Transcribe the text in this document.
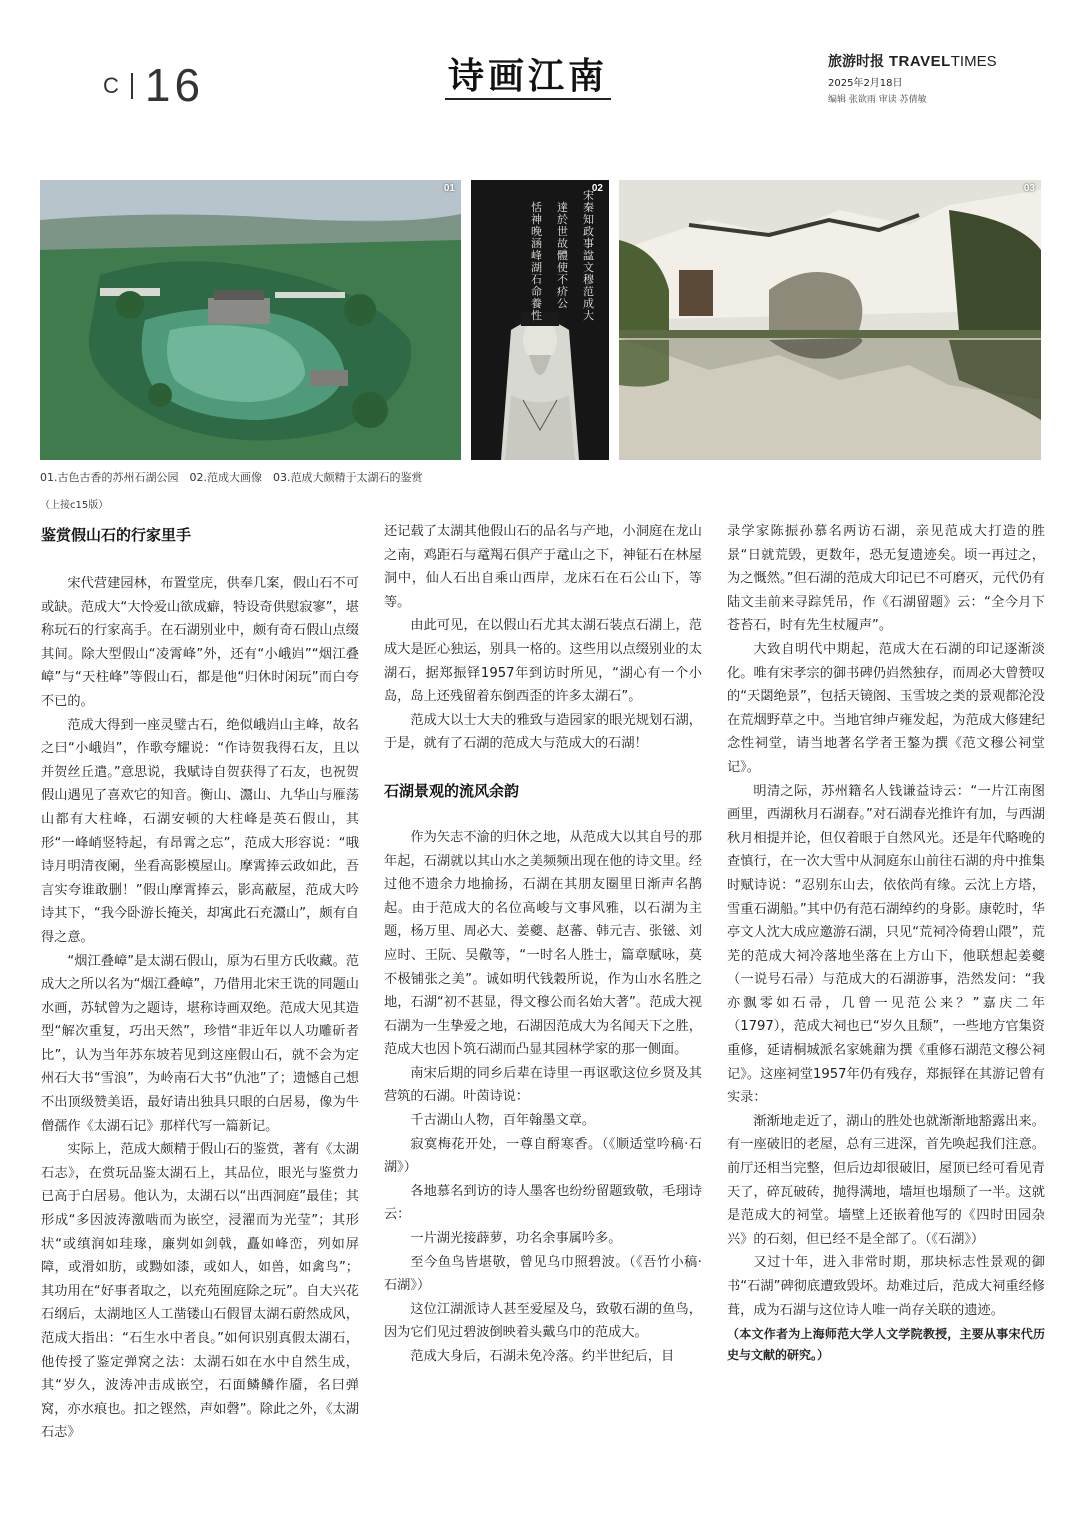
$^C$ 16	诗画江南	旅游时报 TRAVELTIMES
2025年2月18日
编辑 张欲雨 审读 苏倩敏
01
宋秦知政事諡文穆范成大
達於世故體使不疥公
恬神晚涵峰湖石命養性
02	03
01.古色古香的苏州石湖公园　02.范成大画像　03.范成大颇精于太湖石的鉴赏
（上接c15版）
鉴赏假山石的行家里手

宋代营建园林，布置堂庑，供奉几案，假山石不可或缺。范成大“大怜爱山欲成癖，特设奇供慰寂寥”，堪称玩石的行家高手。在石湖别业中，颇有奇石假山点缀其间。除大型假山“凌霄峰”外，还有“小峨岿”“烟江叠嶂”与“天柱峰”等假山石，都是他“归休时闲玩”而白夸不已的。

范成大得到一座灵璧古石，绝似峨岿山主峰，故名之曰“小峨岿”，作歌夸耀说：“作诗贺我得石友，且以并贺丝丘遣。”意思说，我赋诗自贺获得了石友，也祝贺假山遇见了喜欢它的知音。衡山、灊山、九华山与雁荡山都有大柱峰，石湖安顿的大柱峰是英石假山，其形“一峰峭竖特起，有昂霄之忘”，范成大形容说：“哦诗月明清夜阑，坐看高影模屋山。摩霄捧云政如此，吾言实夸谁敢删！”假山摩霄捧云，影高蔽屋，范成大吟诗其下，“我今卧游长掩关，却寓此石充灊山”，颇有自得之意。

“烟江叠嶂”是太湖石假山，原为石里方氏收藏。范成大之所以名为“烟江叠嶂”，乃借用北宋王诜的同题山水画，苏轼曾为之题诗，堪称诗画双绝。范成大见其造型“解次重复，巧出天然”，珍惜“非近年以人功雕斫者比”，认为当年苏东坡若见到这座假山石，就不会为定州石大书“雪浪”，为岭南石大书“仇池”了；遗憾自己想不出顶级赞美语，最好请出独具只眼的白居易，像为牛僧孺作《太湖石记》那样代写一篇新记。

实际上，范成大颇精于假山石的鉴赏，著有《太湖石志》，在赏玩品鉴太湖石上，其品位，眼光与鉴赏力已高于白居易。他认为，太湖石以“出西洞庭”最佳；其形成“多因波涛激啮而为嵌空，浸濯而为光莹”；其形状“或缜润如珪瑑，廉刿如剑戟，矗如峰峦，列如屏障，或滑如肪，或黝如漆，或如人，如兽，如禽鸟”；其功用在“好事者取之，以充苑囿庭除之玩”。自大兴花石纲后，太湖地区人工凿镂山石假冒太湖石蔚然成风，范成大指出：“石生水中者良。”如何识别真假太湖石，他传授了鉴定弹窝之法：太湖石如在水中自然生成，其“岁久，波涛冲击成嵌空，石面鳞鳞作靥，名曰弹窝，亦水痕也。扣之铿然，声如磬”。除此之外，《太湖石志》

还记载了太湖其他假山石的品名与产地，小洞庭在龙山之南，鸡距石与鼋羯石俱产于鼋山之下，神钲石在林屋洞中，仙人石出自乘山西岸，龙床石在石公山下，等等。

由此可见，在以假山石尤其太湖石装点石湖上，范成大是匠心独运，别具一格的。这些用以点缀别业的太湖石，据郑振铎1957年到访时所见，“湖心有一个小岛，岛上还残留着东倒西歪的许多太湖石”。

范成大以士大夫的雅致与造园家的眼光规划石湖，于是，就有了石湖的范成大与范成大的石湖！

石湖景观的流风余韵

作为矢志不渝的归休之地，从范成大以其自号的那年起，石湖就以其山水之美频频出现在他的诗文里。经过他不遗余力地揄扬，石湖在其朋友圈里日渐声名鹊起。由于范成大的名位高峻与文事风雅，以石湖为主题，杨万里、周必大、姜夔、赵蕃、韩元吉、张镃、刘应时、王阮、吴儆等，“一时名人胜士，篇章赋咏，莫不极铺张之美”。诚如明代钱穀所说，作为山水名胜之地，石湖“初不甚显，得文穆公而名始大著”。范成大视石湖为一生挚爱之地，石湖因范成大为名闻天下之胜，范成大也因卜筑石湖而凸显其园林学家的那一侧面。

南宋后期的同乡后辈在诗里一再讴歌这位乡贤及其营筑的石湖。叶茵诗说：

千古湖山人物，百年翰墨文章。

寂寞梅花开处，一尊自酹寒香。（《顺适堂吟稿·石湖》）

各地慕名到访的诗人墨客也纷纷留题致敬，毛珝诗云：

一片湖光接薜萝，功名余事属吟多。

至今鱼鸟皆堪敬，曾见乌巾照碧波。（《吾竹小稿·石湖》）

这位江湖派诗人甚至爱屋及乌，致敬石湖的鱼鸟，因为它们见过碧波倒映着头戴乌巾的范成大。

范成大身后，石湖未免冷落。约半世纪后，目

录学家陈振孙慕名两访石湖，亲见范成大打造的胜景“日就荒毁，更数年，恐无复遗迹矣。顷一再过之，为之慨然。”但石湖的范成大印记已不可磨灭，元代仍有陆文圭前来寻踪凭吊，作《石湖留题》云：“全今月下苍苔石，时有先生杖履声”。

大致自明代中期起，范成大在石湖的印记逐渐淡化。唯有宋孝宗的御书碑仍岿然独存，而周必大曾赞叹的“天閟绝景”，包括天镜阁、玉雪坡之类的景观都沦没在荒烟野草之中。当地官绅卢雍发起，为范成大修建纪念性祠堂，请当地著名学者王鏊为撰《范文穆公祠堂记》。

明清之际，苏州籍名人钱谦益诗云：“一片江南图画里，西湖秋月石湖春。”对石湖春光推许有加，与西湖秋月相提并论，但仅着眼于自然风光。还是年代略晚的查慎行，在一次大雪中从洞庭东山前往石湖的舟中推集时赋诗说：“忍别东山去，依依尚有缘。云沈上方塔，雪重石湖船。”其中仍有范石湖绰约的身影。康乾时，华亭文人沈大成应邀游石湖，只见“荒祠冷倚碧山隈”，荒芜的范成大祠冷落地坐落在上方山下，他联想起姜夔（一说号石帚）与范成大的石湖游事，浩然发问：“我亦飘零如石帚，几曾一见范公来？”嘉庆二年（1797），范成大祠也已“岁久且颓”，一些地方官集资重修，延请桐城派名家姚鼐为撰《重修石湖范文穆公祠记》。这座祠堂1957年仍有残存，郑振铎在其游记曾有实录：

渐渐地走近了，湖山的胜处也就渐渐地豁露出来。有一座破旧的老屋，总有三进深，首先唤起我们注意。前厅还相当完整，但后边却很破旧，屋顶已经可看见青天了，碎瓦破砖，抛得满地，墙垣也塌颓了一半。这就是范成大的祠堂。墙壁上还嵌着他写的《四时田园杂兴》的石刻，但已经不是全部了。（《石湖》）

又过十年，进入非常时期，那块标志性景观的御书“石湖”碑彻底遭致毁坏。劫难过后，范成大祠重经修葺，成为石湖与这位诗人唯一尚存关联的遗迹。

（本文作者为上海师范大学人文学院教授，主要从事宋代历史与文献的研究。）
